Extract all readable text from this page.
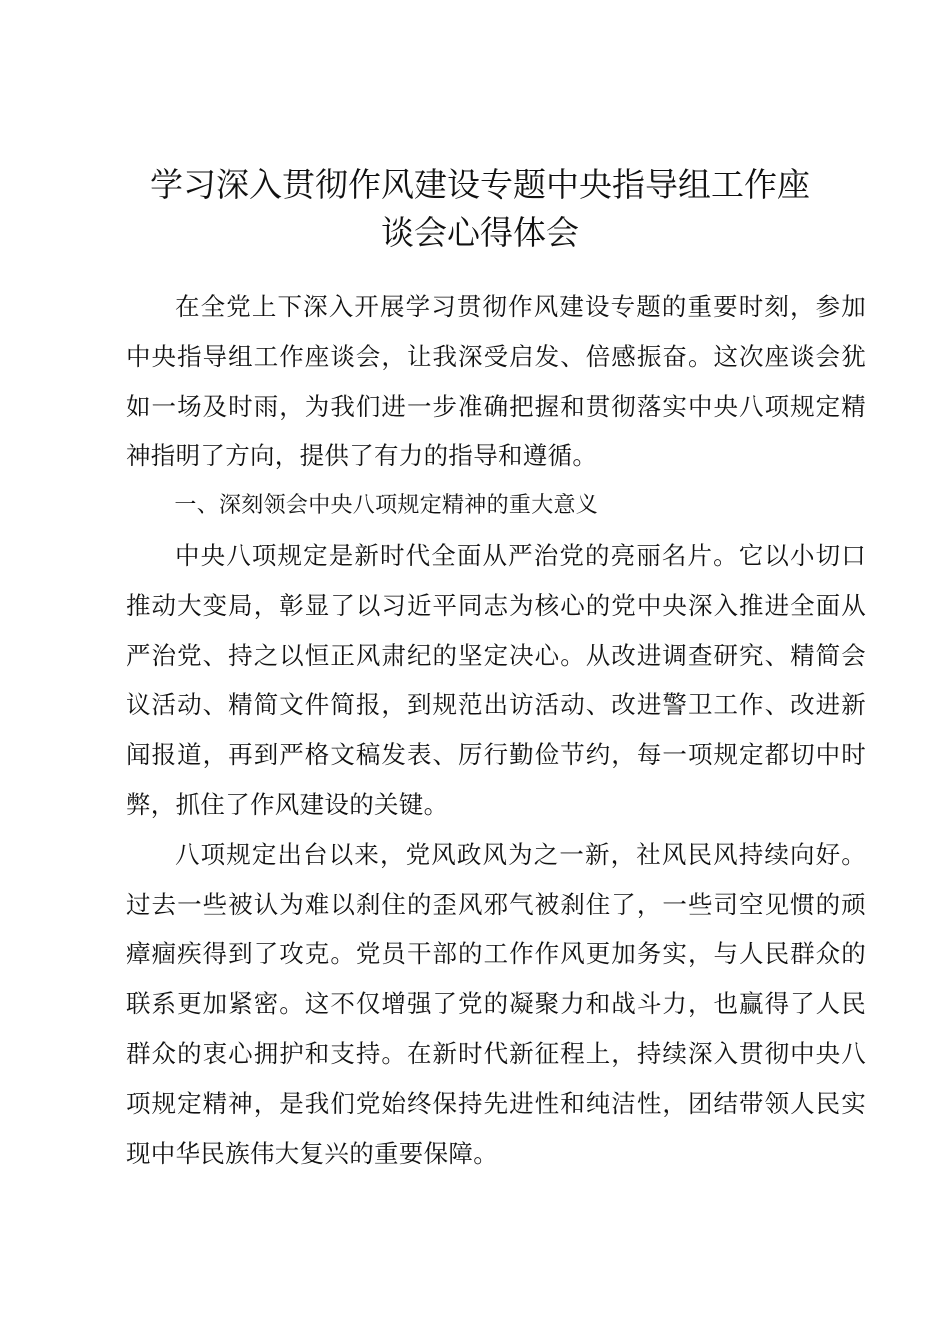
学习深入贯彻作风建设专题中央指导组工作座
谈会心得体会

在全党上下深入开展学习贯彻作风建设专题的重要时刻，参加中央指导组工作座谈会，让我深受启发、倍感振奋。这次座谈会犹如一场及时雨，为我们进一步准确把握和贯彻落实中央八项规定精神指明了方向，提供了有力的指导和遵循。

一、深刻领会中央八项规定精神的重大意义

中央八项规定是新时代全面从严治党的亮丽名片。它以小切口推动大变局，彰显了以习近平同志为核心的党中央深入推进全面从严治党、持之以恒正风肃纪的坚定决心。从改进调查研究、精简会议活动、精简文件简报，到规范出访活动、改进警卫工作、改进新闻报道，再到严格文稿发表、厉行勤俭节约，每一项规定都切中时弊，抓住了作风建设的关键。

八项规定出台以来，党风政风为之一新，社风民风持续向好。过去一些被认为难以刹住的歪风邪气被刹住了，一些司空见惯的顽瘴痼疾得到了攻克。党员干部的工作作风更加务实，与人民群众的联系更加紧密。这不仅增强了党的凝聚力和战斗力，也赢得了人民群众的衷心拥护和支持。在新时代新征程上，持续深入贯彻中央八项规定精神，是我们党始终保持先进性和纯洁性，团结带领人民实现中华民族伟大复兴的重要保障。
